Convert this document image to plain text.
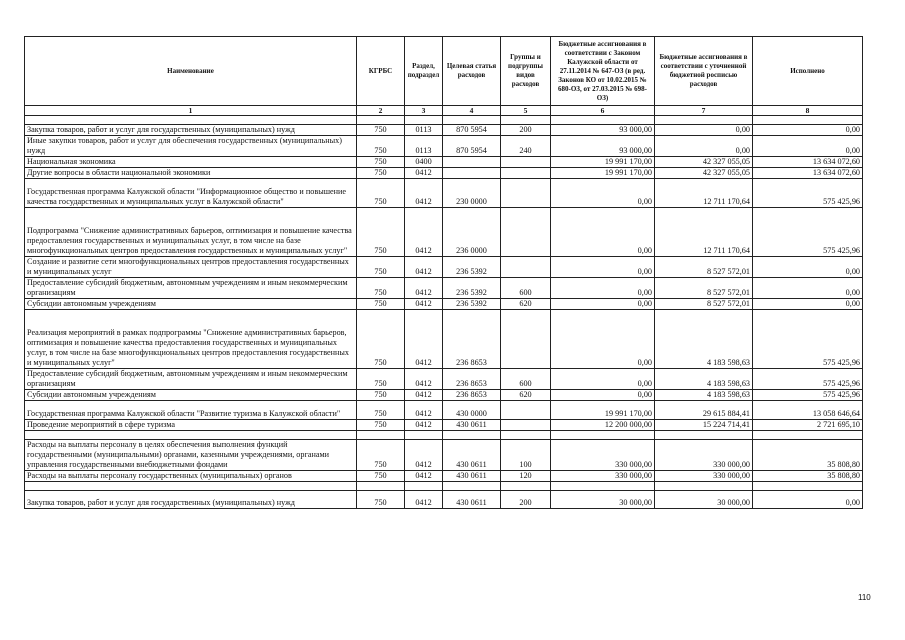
Наименование	КГРБС	Раздел, подраздел	Целевая статья расходов	Группы и подгруппы видов расходов	Бюджетные ассигнования в соответствии с Законом Калужской области от 27.11.2014 № 647-ОЗ (в ред. Законов КО от 10.02.2015 № 680-ОЗ, от 27.03.2015 № 698-ОЗ)	Бюджетные ассигнования в соответствии с уточненной бюджетной росписью расходов	Исполнено
1	2	3	4	5	6	7	8

Закупка товаров, работ и услуг для государственных (муниципальных) нужд	750	0113	870 5954	200	93 000,00	0,00	0,00
Иные закупки товаров, работ и услуг для обеспечения государственных (муниципальных) нужд	750	0113	870 5954	240	93 000,00	0,00	0,00
Национальная экономика	750	0400			19 991 170,00	42 327 055,05	13 634 072,60
Другие вопросы в области национальной экономики	750	0412			19 991 170,00	42 327 055,05	13 634 072,60
Государственная программа Калужской области "Информационное общество и повышение качества государственных и муниципальных услуг в Калужской области"	750	0412	230 0000		0,00	12 711 170,64	575 425,96
Подпрограмма "Снижение административных барьеров, оптимизация и повышение качества предоставления государственных и муниципальных услуг, в том числе на базе многофункциональных центров предоставления государственных и муниципальных услуг"	750	0412	236 0000		0,00	12 711 170,64	575 425,96
Создание и развитие сети многофункциональных центров предоставления государственных и муниципальных услуг	750	0412	236 5392		0,00	8 527 572,01	0,00
Предоставление субсидий бюджетным, автономным учреждениям и иным некоммерческим организациям	750	0412	236 5392	600	0,00	8 527 572,01	0,00
Субсидии автономным учреждениям	750	0412	236 5392	620	0,00	8 527 572,01	0,00
Реализация мероприятий в рамках подпрограммы "Снижение административных барьеров, оптимизация и повышение качества предоставления государственных и муниципальных услуг, в том числе на базе многофункциональных центров предоставления государственных и муниципальных услуг"	750	0412	236 8653		0,00	4 183 598,63	575 425,96
Предоставление субсидий бюджетным, автономным учреждениям и иным некоммерческим организациям	750	0412	236 8653	600	0,00	4 183 598,63	575 425,96
Субсидии автономным учреждениям	750	0412	236 8653	620	0,00	4 183 598,63	575 425,96
Государственная программа Калужской области "Развитие туризма в Калужской области"	750	0412	430 0000		19 991 170,00	29 615 884,41	13 058 646,64
Проведение мероприятий в сфере туризма	750	0412	430 0611		12 200 000,00	15 224 714,41	2 721 695,10

Расходы на выплаты персоналу в целях обеспечения выполнения функций государственными (муниципальными) органами, казенными учреждениями, органами управления государственными внебюджетными фондами	750	0412	430 0611	100	330 000,00	330 000,00	35 808,80
Расходы на выплаты персоналу государственных (муниципальных) органов	750	0412	430 0611	120	330 000,00	330 000,00	35 808,80

Закупка товаров, работ и услуг для государственных (муниципальных) нужд	750	0412	430 0611	200	30 000,00	30 000,00	0,00
110
